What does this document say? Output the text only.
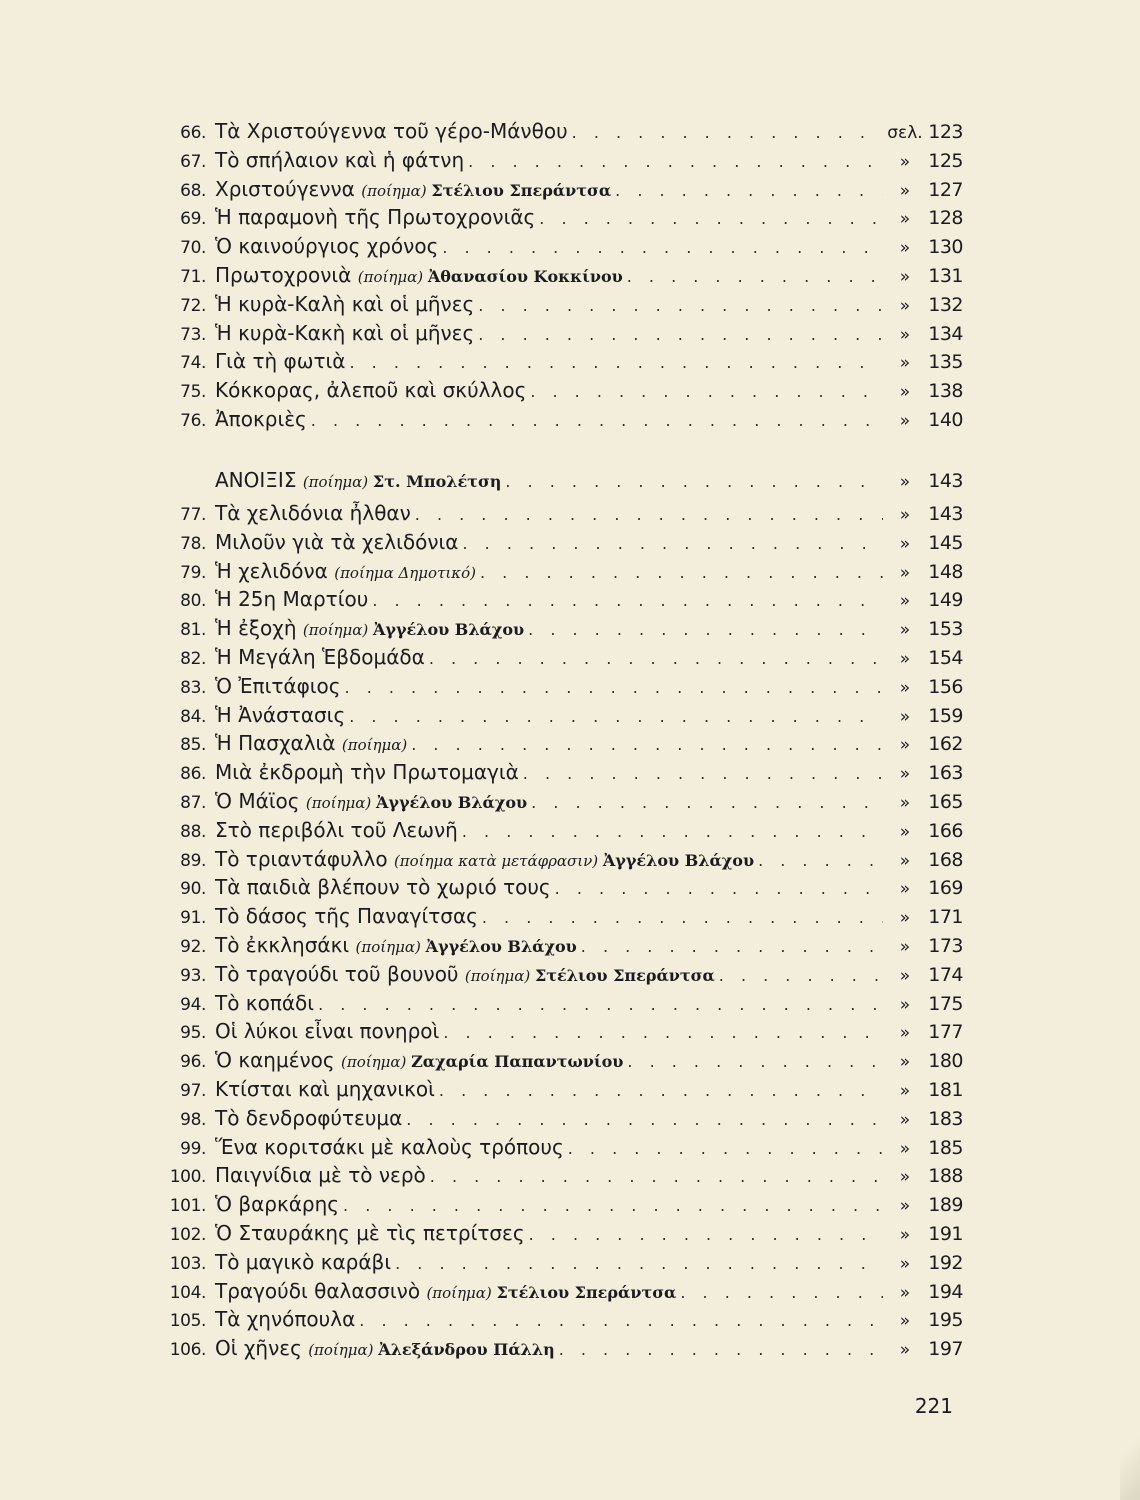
66. Τὰ Χριστούγεννα τοῦ γέρο-Μάνθου . . .	σελ. 123
67. Τὸ σπήλαιον καὶ ἡ φάτνη . . .	» 125
68. Χριστούγεννα (ποίημα) Στέλιου Σπεράντσα . . .	» 127
69. Ἡ παραμονὴ τῆς Πρωτοχρονιᾶς . . .	» 128
70. Ὁ καινούργιος χρόνος . . .	» 130
71. Πρωτοχρονιὰ (ποίημα) Ἀθανασίου Κοκκίνου . . .	» 131
72. Ἡ κυρὰ-Καλὴ καὶ οἱ μῆνες . . .	» 132
73. Ἡ κυρὰ-Κακὴ καὶ οἱ μῆνες . . .	» 134
74. Γιὰ τὴ φωτιὰ . . .	» 135
75. Κόκκορας, ἀλεποῦ καὶ σκύλλος . . .	» 138
76. Ἀποκριὲς . . .	» 140
ΑΝΟΙΞΙΣ (ποίημα) Στ. Μπολέτση . . .	» 143
77. Τὰ χελιδόνια ἦλθαν . . .	» 143
78. Μιλοῦν γιὰ τὰ χελιδόνια . . .	» 145
79. Ἡ χελιδόνα (ποίημα Δημοτικό) . . .	» 148
80. Ἡ 25η Μαρτίου . . .	» 149
81. Ἡ ἐξοχὴ (ποίημα) Ἀγγέλου Βλάχου . . .	» 153
82. Ἡ Μεγάλη Ἑβδομάδα . . .	» 154
83. Ὁ Ἐπιτάφιος . . .	» 156
84. Ἡ Ἀνάστασις . . .	» 159
85. Ἡ Πασχαλιὰ (ποίημα) . . .	» 162
86. Μιὰ ἐκδρομὴ τὴν Πρωτομαγιὰ . . .	» 163
87. Ὁ Μάϊος (ποίημα) Ἀγγέλου Βλάχου . . .	» 165
88. Στὸ περιβόλι τοῦ Λεωνῆ . . .	» 166
89. Τὸ τριαντάφυλλο (ποίημα κατὰ μετάφρασιν) Ἀγγέλου Βλάχου . . .	» 168
90. Τὰ παιδιὰ βλέπουν τὸ χωριό τους . . .	» 169
91. Τὸ δάσος τῆς Παναγίτσας . . .	» 171
92. Τὸ ἐκκλησάκι (ποίημα) Ἀγγέλου Βλάχου . . .	» 173
93. Τὸ τραγούδι τοῦ βουνοῦ (ποίημα) Στέλιου Σπεράντσα . . .	» 174
94. Τὸ κοπάδι . . .	» 175
95. Οἱ λύκοι εἶναι πονηροὶ . . .	» 177
96. Ὁ καημένος (ποίημα) Ζαχαρία Παπαντωνίου . . .	» 180
97. Κτίσται καὶ μηχανικοὶ . . .	» 181
98. Τὸ δενδροφύτευμα . . .	» 183
99. Ἕνα κοριτσάκι μὲ καλοὺς τρόπους . . .	» 185
100. Παιγνίδια μὲ τὸ νερὸ . . .	» 188
101. Ὁ βαρκάρης . . .	» 189
102. Ὁ Σταυράκης μὲ τὶς πετρίτσες . . .	» 191
103. Τὸ μαγικὸ καράβι . . .	» 192
104. Τραγούδι θαλασσινὸ (ποίημα) Στέλιου Σπεράντσα . . .	» 194
105. Τὰ χηνόπουλα . . .	» 195
106. Οἱ χῆνες (ποίημα) Ἀλεξάνδρου Πάλλη . . .	» 197
221
